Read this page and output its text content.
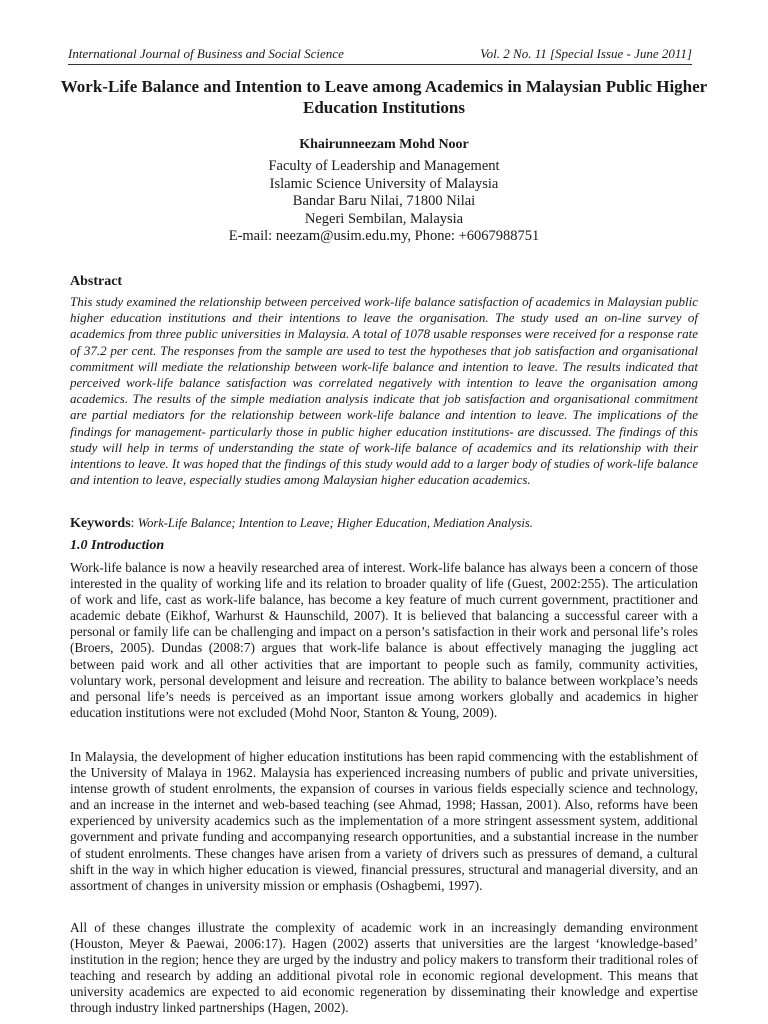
International Journal of Business and Social Science	Vol. 2 No. 11 [Special Issue - June 2011]
Work-Life Balance and Intention to Leave among Academics in Malaysian Public Higher Education Institutions
Khairunneezam Mohd Noor
Faculty of Leadership and Management
Islamic Science University of Malaysia
Bandar Baru Nilai, 71800 Nilai
Negeri Sembilan, Malaysia
E-mail: neezam@usim.edu.my, Phone: +6067988751
Abstract

This study examined the relationship between perceived work-life balance satisfaction of academics in Malaysian public higher education institutions and their intentions to leave the organisation. The study used an on-line survey of academics from three public universities in Malaysia. A total of 1078 usable responses were received for a response rate of 37.2 per cent. The responses from the sample are used to test the hypotheses that job satisfaction and organisational commitment will mediate the relationship between work-life balance and intention to leave. The results indicated that perceived work-life balance satisfaction was correlated negatively with intention to leave the organisation among academics. The results of the simple mediation analysis indicate that job satisfaction and organisational commitment are partial mediators for the relationship between work-life balance and intention to leave. The implications of the findings for management- particularly those in public higher education institutions- are discussed. The findings of this study will help in terms of understanding the state of work-life balance of academics and its relationship with their intentions to leave. It was hoped that the findings of this study would add to a larger body of studies of work-life balance and intention to leave, especially studies among Malaysian higher education academics.

Keywords: Work-Life Balance; Intention to Leave; Higher Education, Mediation Analysis.
1.0 Introduction

Work-life balance is now a heavily researched area of interest. Work-life balance has always been a concern of those interested in the quality of working life and its relation to broader quality of life (Guest, 2002:255). The articulation of work and life, cast as work-life balance, has become a key feature of much current government, practitioner and academic debate (Eikhof, Warhurst & Haunschild, 2007). It is believed that balancing a successful career with a personal or family life can be challenging and impact on a person’s satisfaction in their work and personal life’s roles (Broers, 2005). Dundas (2008:7) argues that work-life balance is about effectively managing the juggling act between paid work and all other activities that are important to people such as family, community activities, voluntary work, personal development and leisure and recreation. The ability to balance between workplace’s needs and personal life’s needs is perceived as an important issue among workers globally and academics in higher education institutions were not excluded (Mohd Noor, Stanton & Young, 2009).

In Malaysia, the development of higher education institutions has been rapid commencing with the establishment of the University of Malaya in 1962. Malaysia has experienced increasing numbers of public and private universities, intense growth of student enrolments, the expansion of courses in various fields especially science and technology, and an increase in the internet and web-based teaching (see Ahmad, 1998; Hassan, 2001). Also, reforms have been experienced by university academics such as the implementation of a more stringent assessment system, additional government and private funding and accompanying research opportunities, and a substantial increase in the number of student enrolments. These changes have arisen from a variety of drivers such as pressures of demand, a cultural shift in the way in which higher education is viewed, financial pressures, structural and managerial diversity, and an assortment of changes in university mission or emphasis (Oshagbemi, 1997).

All of these changes illustrate the complexity of academic work in an increasingly demanding environment (Houston, Meyer & Paewai, 2006:17). Hagen (2002) asserts that universities are the largest ‘knowledge-based’ institution in the region; hence they are urged by the industry and policy makers to transform their traditional roles of teaching and research by adding an additional pivotal role in economic regional development. This means that university academics are expected to aid economic regeneration by disseminating their knowledge and expertise through industry linked partnerships (Hagen, 2002).
